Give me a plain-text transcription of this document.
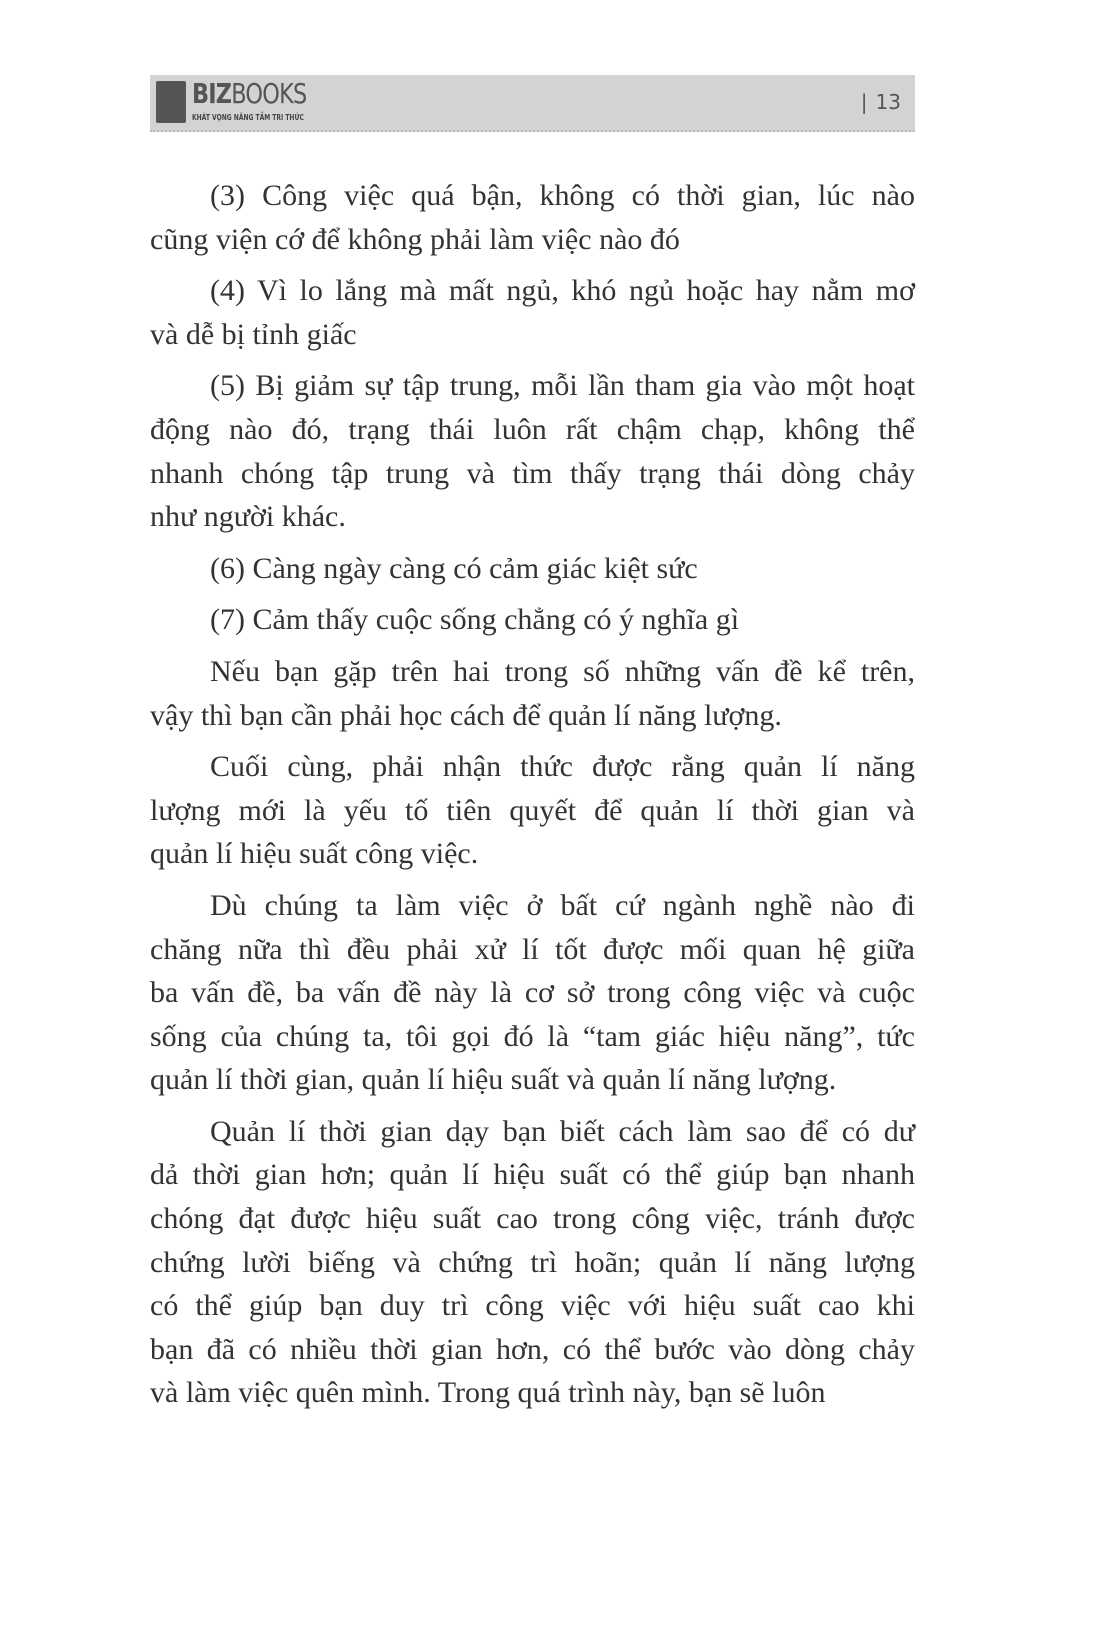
BIZBOOKS
KHÁT VỌNG NÂNG TẦM TRI THỨC
| 13
(3) Công việc quá bận, không có thời gian, lúc nào
cũng viện cớ để không phải làm việc nào đó
(4) Vì lo lắng mà mất ngủ, khó ngủ hoặc hay nằm mơ
và dễ bị tỉnh giấc
(5) Bị giảm sự tập trung, mỗi lần tham gia vào một hoạt
động nào đó, trạng thái luôn rất chậm chạp, không thể
nhanh chóng tập trung và tìm thấy trạng thái dòng chảy
như người khác.
(6) Càng ngày càng có cảm giác kiệt sức
(7) Cảm thấy cuộc sống chẳng có ý nghĩa gì
Nếu bạn gặp trên hai trong số những vấn đề kể trên,
vậy thì bạn cần phải học cách để quản lí năng lượng.
Cuối cùng, phải nhận thức được rằng quản lí năng
lượng mới là yếu tố tiên quyết để quản lí thời gian và
quản lí hiệu suất công việc.
Dù chúng ta làm việc ở bất cứ ngành nghề nào đi
chăng nữa thì đều phải xử lí tốt được mối quan hệ giữa
ba vấn đề, ba vấn đề này là cơ sở trong công việc và cuộc
sống của chúng ta, tôi gọi đó là “tam giác hiệu năng”, tức
quản lí thời gian, quản lí hiệu suất và quản lí năng lượng.
Quản lí thời gian dạy bạn biết cách làm sao để có dư
dả thời gian hơn; quản lí hiệu suất có thể giúp bạn nhanh
chóng đạt được hiệu suất cao trong công việc, tránh được
chứng lười biếng và chứng trì hoãn; quản lí năng lượng
có thể giúp bạn duy trì công việc với hiệu suất cao khi
bạn đã có nhiều thời gian hơn, có thể bước vào dòng chảy
và làm việc quên mình. Trong quá trình này, bạn sẽ luôn
